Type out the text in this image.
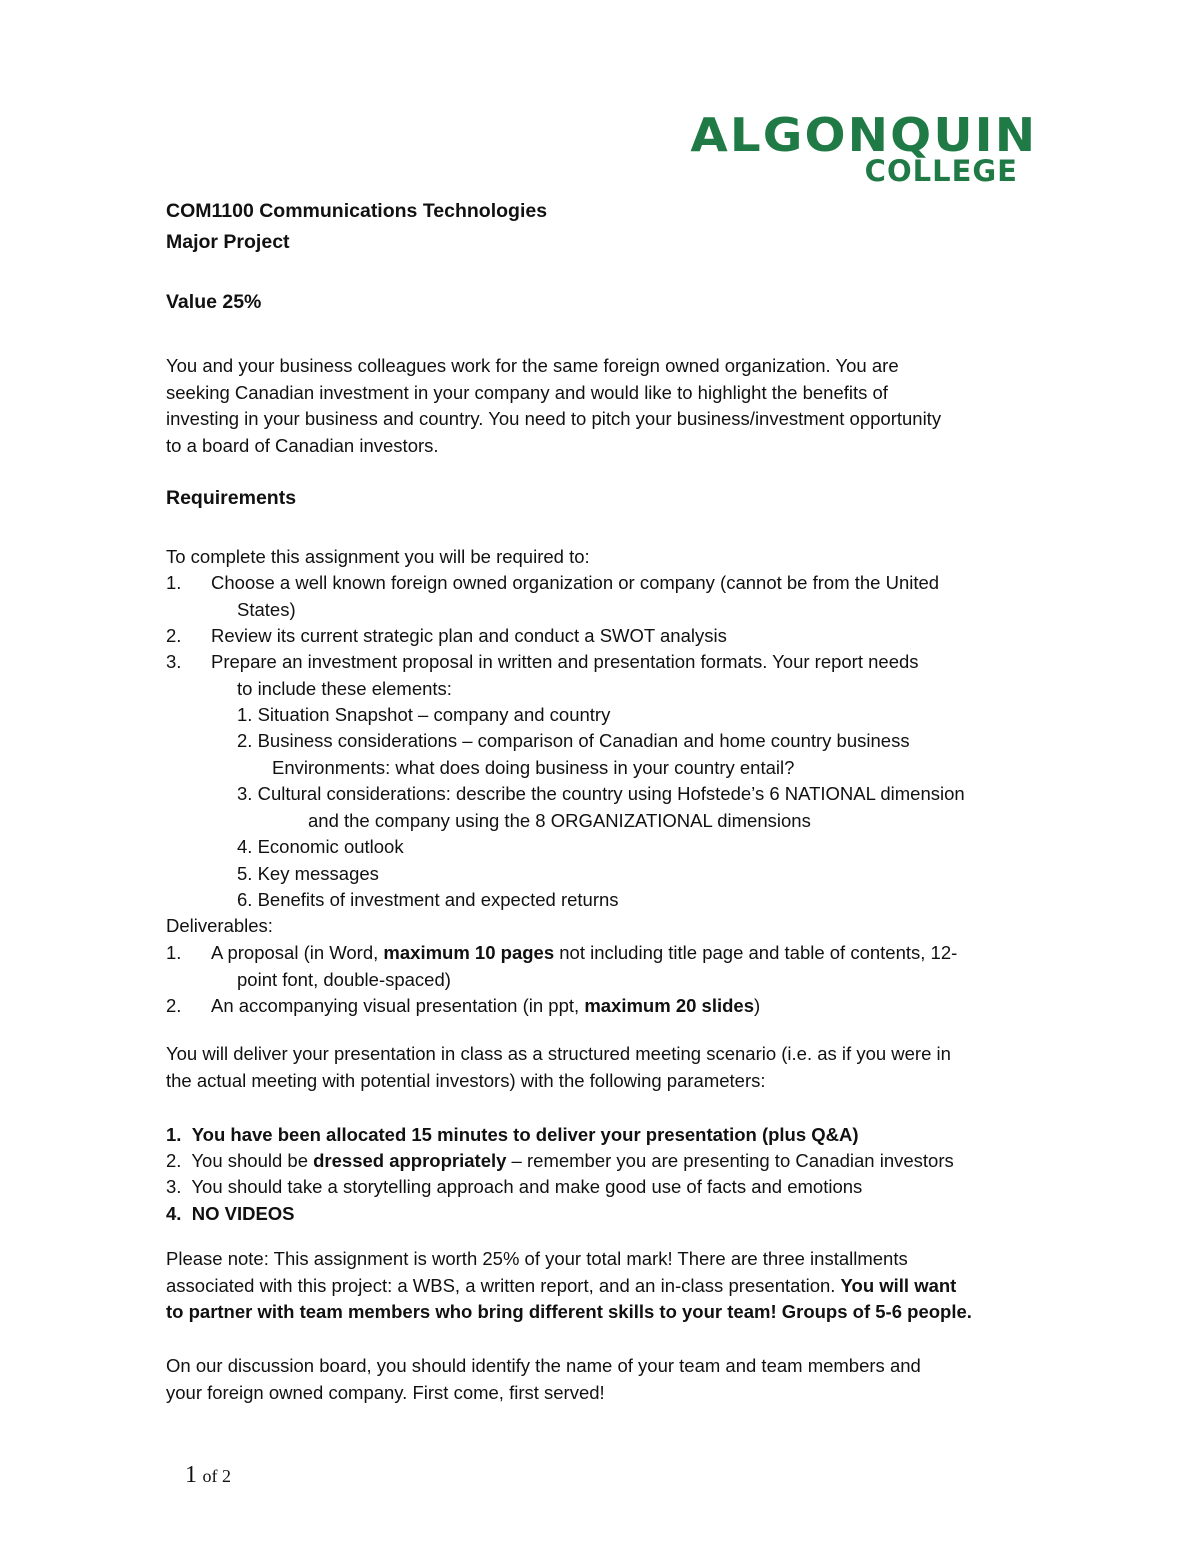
ALGONQUIN
COLLEGE
COM1100 Communications Technologies
Major Project
Value 25%
You and your business colleagues work for the same foreign owned organization. You are
seeking Canadian investment in your company and would like to highlight the benefits of
investing in your business and country. You need to pitch your business/investment opportunity
to a board of Canadian investors.
Requirements
To complete this assignment you will be required to:
1. Choose a well known foreign owned organization or company (cannot be from the United
States)
2. Review its current strategic plan and conduct a SWOT analysis
3. Prepare an investment proposal in written and presentation formats. Your report needs
to include these elements:
1. Situation Snapshot – company and country
2. Business considerations – comparison of Canadian and home country business
Environments: what does doing business in your country entail?
3. Cultural considerations: describe the country using Hofstede’s 6 NATIONAL dimension
and the company using the 8 ORGANIZATIONAL dimensions
4. Economic outlook
5. Key messages
6. Benefits of investment and expected returns
Deliverables:
1. A proposal (in Word, maximum 10 pages not including title page and table of contents, 12-
point font, double-spaced)
2. An accompanying visual presentation (in ppt, maximum 20 slides)
You will deliver your presentation in class as a structured meeting scenario (i.e. as if you were in
the actual meeting with potential investors) with the following parameters:
1. You have been allocated 15 minutes to deliver your presentation (plus Q&A)
2. You should be dressed appropriately – remember you are presenting to Canadian investors
3. You should take a storytelling approach and make good use of facts and emotions
4. NO VIDEOS
Please note: This assignment is worth 25% of your total mark! There are three installments
associated with this project: a WBS, a written report, and an in-class presentation. You will want
to partner with team members who bring different skills to your team! Groups of 5-6 people.
On our discussion board, you should identify the name of your team and team members and
your foreign owned company. First come, first served!
1 of 2
